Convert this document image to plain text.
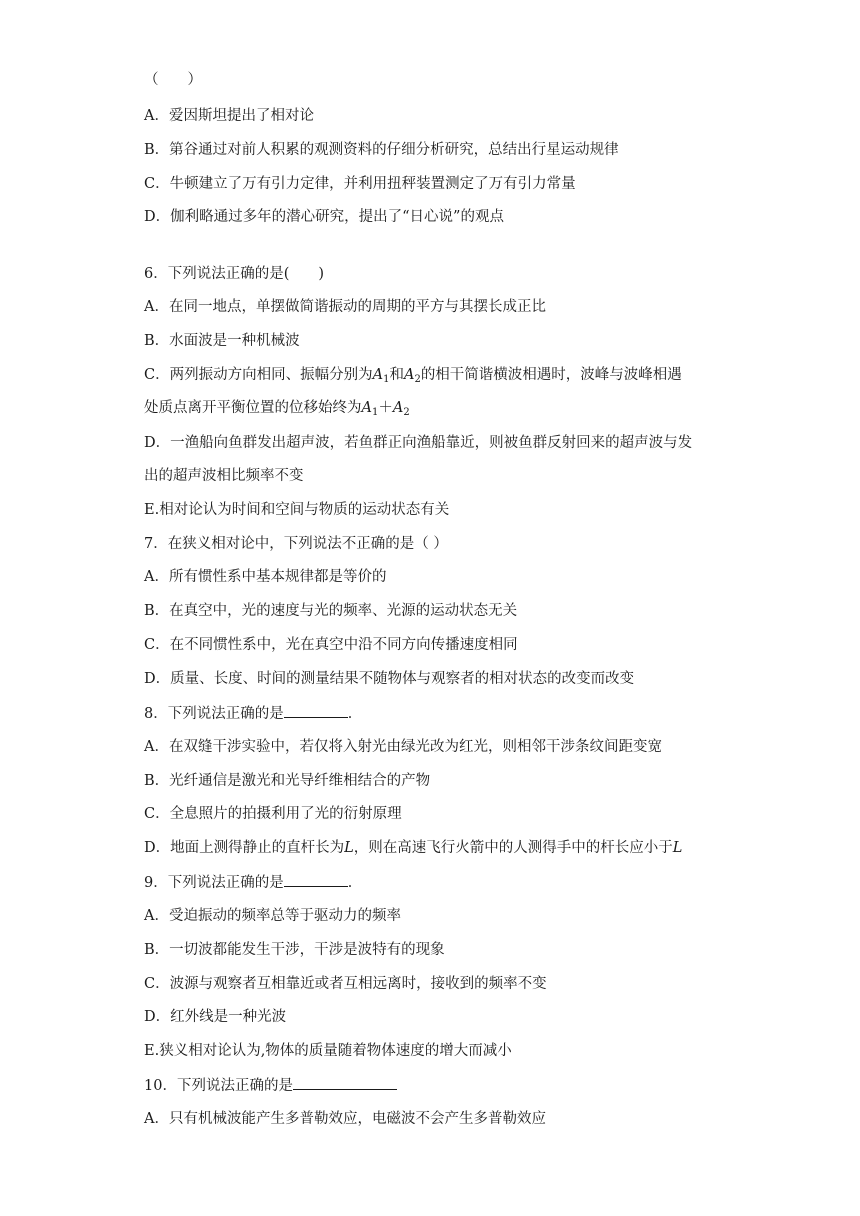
（　　）
A．爱因斯坦提出了相对论
B．第谷通过对前人积累的观测资料的仔细分析研究，总结出行星运动规律
C．牛顿建立了万有引力定律，并利用扭秤装置测定了万有引力常量
D．伽利略通过多年的潜心研究，提出了“日心说”的观点
6．下列说法正确的是(　　)
A．在同一地点，单摆做简谐振动的周期的平方与其摆长成正比
B．水面波是一种机械波
C．两列振动方向相同、振幅分别为$A_1$和$A_2$的相干简谐横波相遇时，波峰与波峰相遇
处质点离开平衡位置的位移始终为$A_1+A_2$
D．一渔船向鱼群发出超声波，若鱼群正向渔船靠近，则被鱼群反射回来的超声波与发
出的超声波相比频率不变
E.相对论认为时间和空间与物质的运动状态有关
7．在狭义相对论中，下列说法不正确的是（ ）
A．所有惯性系中基本规律都是等价的
B．在真空中，光的速度与光的频率、光源的运动状态无关
C．在不同惯性系中，光在真空中沿不同方向传播速度相同
D．质量、长度、时间的测量结果不随物体与观察者的相对状态的改变而改变
8．下列说法正确的是	．
A．在双缝干涉实验中，若仅将入射光由绿光改为红光，则相邻干涉条纹间距变宽
B．光纤通信是激光和光导纤维相结合的产物
C．全息照片的拍摄利用了光的衍射原理
D．地面上测得静止的直杆长为L，则在高速飞行火箭中的人测得手中的杆长应小于L
9．下列说法正确的是	．
A．受迫振动的频率总等于驱动力的频率
B．一切波都能发生干涉，干涉是波特有的现象
C．波源与观察者互相靠近或者互相远离时，接收到的频率不变
D．红外线是一种光波
E.狭义相对论认为,物体的质量随着物体速度的增大而减小
10．下列说法正确的是
A．只有机械波能产生多普勒效应，电磁波不会产生多普勒效应
